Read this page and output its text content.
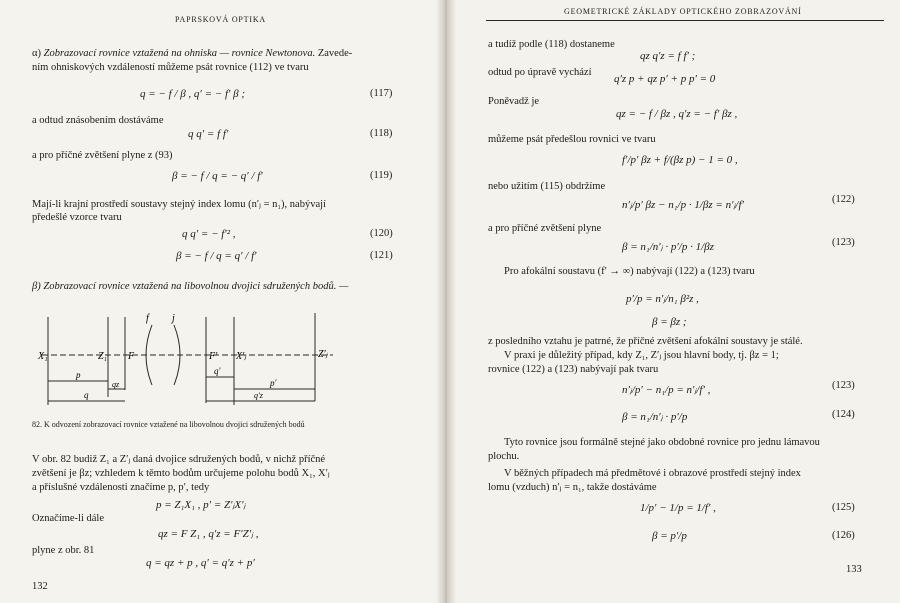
PAPRSKOVÁ OPTIKA
α) Zobrazovací rovnice vztažená na ohniska — rovnice Newtonova. Zavede-
ním ohniskových vzdáleností můžeme psát rovnice (112) ve tvaru
q = − f / β , q′ = − f′ β ;	(117)
a odtud znásobením dostáváme
q q′ = f f′	(118)
a pro příčné zvětšení plyne z (93)
β = − f / q = − q′ / f′	(119)
Mají-li krajní prostředí soustavy stejný index lomu (n′ⱼ = n₁), nabývají
předešlé vzorce tvaru
q q′ = − f′² ,	(120)
β = − f / q = q′ / f′	(121)
β) Zobrazovací rovnice vztažená na libovolnou dvojici sdružených bodů. —
X₁	Z₁ F
f j
F′ X′ⱼ	Z′ⱼ
p
qz
q
q′
p′
q′z
82. K odvození zobrazovací rovnice vztažené na libovolnou dvojici sdružených bodů
V obr. 82 budiž Z₁ a Z′ⱼ daná dvojice sdružených bodů, v nichž příčné
zvětšení je βz; vzhledem k těmto bodům určujeme polohu bodů X₁, X′ⱼ
a příslušné vzdálenosti značíme p, p′, tedy
p = Z₁X₁ , p′ = Z′ⱼX′ⱼ
Označíme-li dále
qz = F Z₁ , q′z = F′Z′ⱼ ,
plyne z obr. 81
q = qz + p , q′ = q′z + p′
132
GEOMETRICKÉ ZÁKLADY OPTICKÉHO ZOBRAZOVÁNÍ
a tudíž podle (118) dostaneme
qz q′z = f f′ ;
odtud po úpravě vychází
q′z p + qz p′ + p p′ = 0
Poněvadž je
qz = − f / βz , q′z = − f′ βz ,
můžeme psát předešlou rovnici ve tvaru
f′/p′ βz + f/(βz p) − 1 = 0 ,
nebo užitím (115) obdržíme
n′ⱼ/p′ βz − n₁/p · 1/βz = n′ⱼ/f′	(122)
a pro příčné zvětšení plyne
β = n₁/n′ⱼ · p′/p · 1/βz	(123)
Pro afokální soustavu (f′ → ∞) nabývají (122) a (123) tvaru
p′/p = n′ⱼ/n₁ β²z ,
β = βz ;
z posledního vztahu je patrné, že příčné zvětšení afokální soustavy je stálé.
V praxi je důležitý případ, kdy Z₁, Z′ⱼ jsou hlavní body, tj. βz = 1;
rovnice (122) a (123) nabývají pak tvaru
n′ⱼ/p′ − n₁/p = n′ⱼ/f′ ,	(123)
β = n₁/n′ⱼ · p′/p	(124)
Tyto rovnice jsou formálně stejné jako obdobné rovnice pro jednu lámavou
plochu.
V běžných případech má předmětové i obrazové prostředí stejný index
lomu (vzduch) n′ⱼ = n₁, takže dostáváme
1/p′ − 1/p = 1/f′ ,	(125)
β = p′/p	(126)
133
